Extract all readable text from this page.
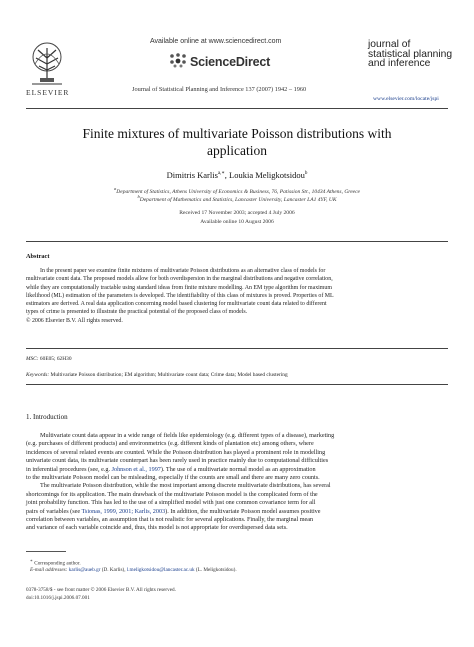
ELSEVIER
Available online at www.sciencedirect.com
ScienceDirect
Journal of Statistical Planning and Inference 137 (2007) 1942 – 1960
journal of
statistical planning
and inference
www.elsevier.com/locate/jspi
Finite mixtures of multivariate Poisson distributions with
application
Dimitris Karlis$^{a,∗}$, Loukia Meligkotsidou$^b$
$^a$Department of Statistics, Athens University of Economics & Business, 76, Patission Str., 10434 Athens, Greece
$^b$Department of Mathematics and Statistics, Lancaster University, Lancaster LA1 4YF, UK
Received 17 November 2003; accepted 4 July 2006
Available online 10 August 2006
Abstract
In the present paper we examine finite mixtures of multivariate Poisson distributions as an alternative class of models for
multivariate count data. The proposed models allow for both overdispersion in the marginal distributions and negative correlation,
while they are computationally tractable using standard ideas from finite mixture modelling. An EM type algorithm for maximum
likelihood (ML) estimation of the parameters is developed. The identifiability of this class of mixtures is proved. Properties of ML
estimators are derived. A real data application concerning model based clustering for multivariate count data related to different
types of crime is presented to illustrate the practical potential of the proposed class of models.
© 2006 Elsevier B.V. All rights reserved.
MSC: 60E05; 62H30
Keywords: Multivariate Poisson distribution; EM algorithm; Multivariate count data; Crime data; Model based clustering
1. Introduction
Multivariate count data appear in a wide range of fields like epidemiology (e.g. different types of a disease), marketing
(e.g. purchases of different products) and environmetrics (e.g. different kinds of plantation etc) among others, where
incidences of several related events are counted. While the Poisson distribution has played a prominent role in modelling
univariate count data, its multivariate counterpart has been rarely used in practice mainly due to computational difficulties
in inferential procedures (see, e.g. Johnson et al., 1997). The use of a multivariate normal model as an approximation
to the multivariate Poisson model can be misleading, especially if the counts are small and there are many zero counts.
The multivariate Poisson distribution, while the most important among discrete multivariate distributions, has several
shortcomings for its application. The main drawback of the multivariate Poisson model is the complicated form of the
joint probability function. This has led to the use of a simplified model with just one common covariance term for all
pairs of variables (see Tsionas, 1999, 2001; Karlis, 2003). In addition, the multivariate Poisson model assumes positive
correlation between variables, an assumption that is not realistic for several applications. Finally, the marginal mean
and variance of each variable coincide and, thus, this model is not appropriate for overdispersed data sets.
∗ Corresponding author.
E-mail addresses: karlis@aueb.gr (D. Karlis), l.meligkotsidou@lancaster.ac.uk (L. Meligkotsidou).
0378-3758/$ - see front matter © 2006 Elsevier B.V. All rights reserved.
doi:10.1016/j.jspi.2006.07.001
